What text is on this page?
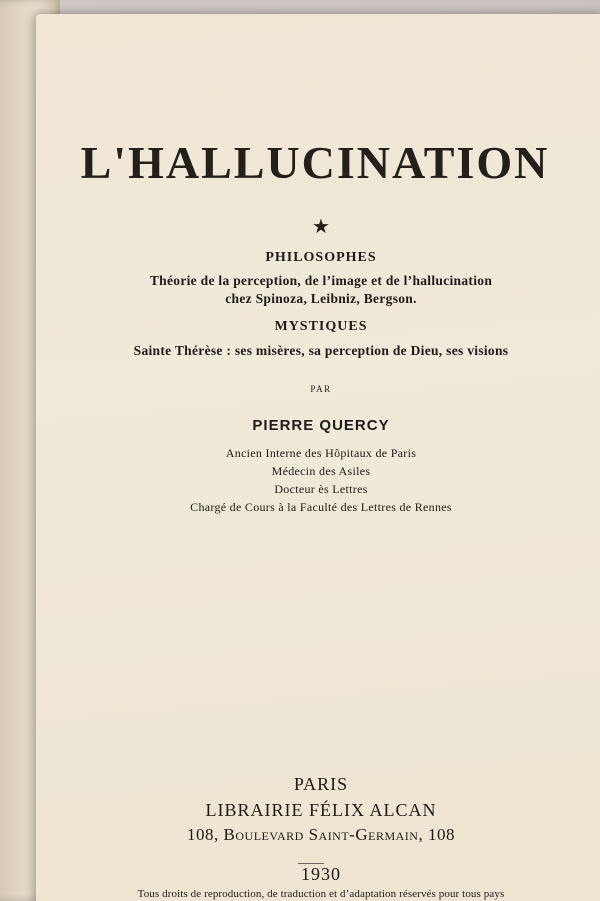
L'HALLUCINATION
★
PHILOSOPHES
Théorie de la perception, de l’image et de l’hallucination
chez Spinoza, Leibniz, Bergson.
MYSTIQUES
Sainte Thérèse : ses misères, sa perception de Dieu, ses visions
PAR
PIERRE QUERCY
Ancien Interne des Hôpitaux de Paris
Médecin des Asiles
Docteur ès Lettres
Chargé de Cours à la Faculté des Lettres de Rennes
PARIS
LIBRAIRIE FÉLIX ALCAN
108, Boulevard Saint-Germain, 108
1930
Tous droits de reproduction, de traduction et d’adaptation réservés pour tous pays
